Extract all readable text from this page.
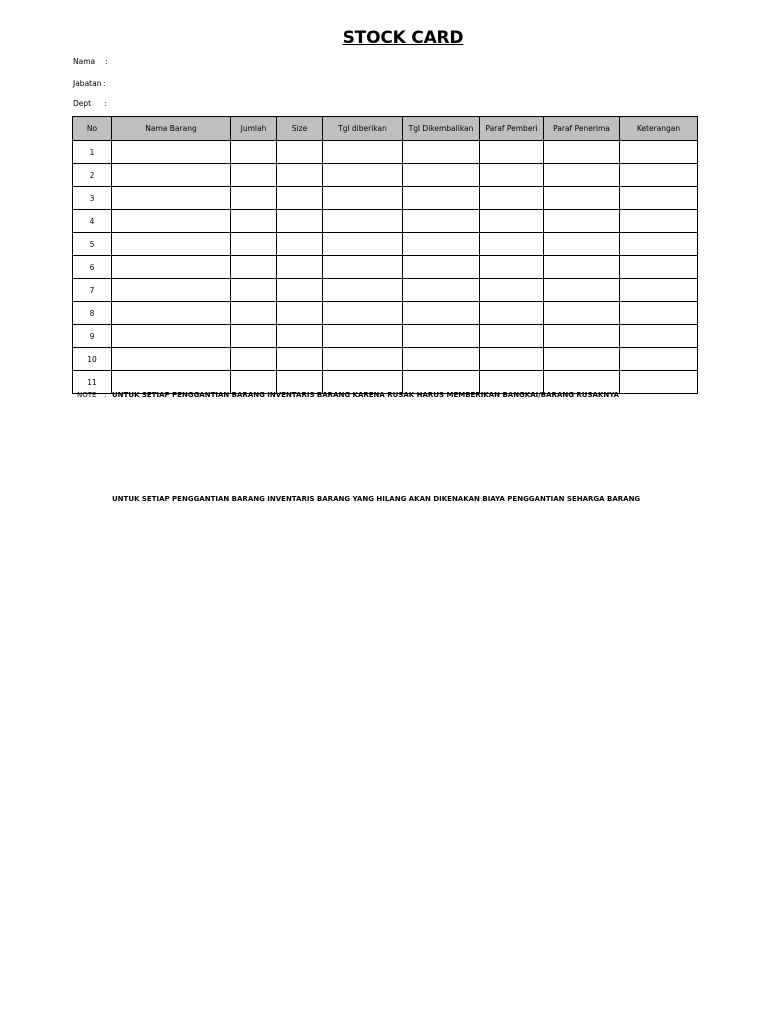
STOCK CARD
Nama :
Jabatan :
Dept :
No	Nama Barang	Jumlah	Size	Tgl diberikan	Tgl Dikembalikan	Paraf Pemberi	Paraf Penerima	Keterangan
1								
2								
3								
4								
5								
6								
7								
8								
9								
10								
11								
NOTE : UNTUK SETIAP PENGGANTIAN BARANG INVENTARIS BARANG KARENA RUSAK HARUS MEMBERIKAN BANGKAI/BARANG RUSAKNYA
UNTUK SETIAP PENGGANTIAN BARANG INVENTARIS BARANG YANG HILANG AKAN DIKENAKAN BIAYA PENGGANTIAN SEHARGA BARANG
